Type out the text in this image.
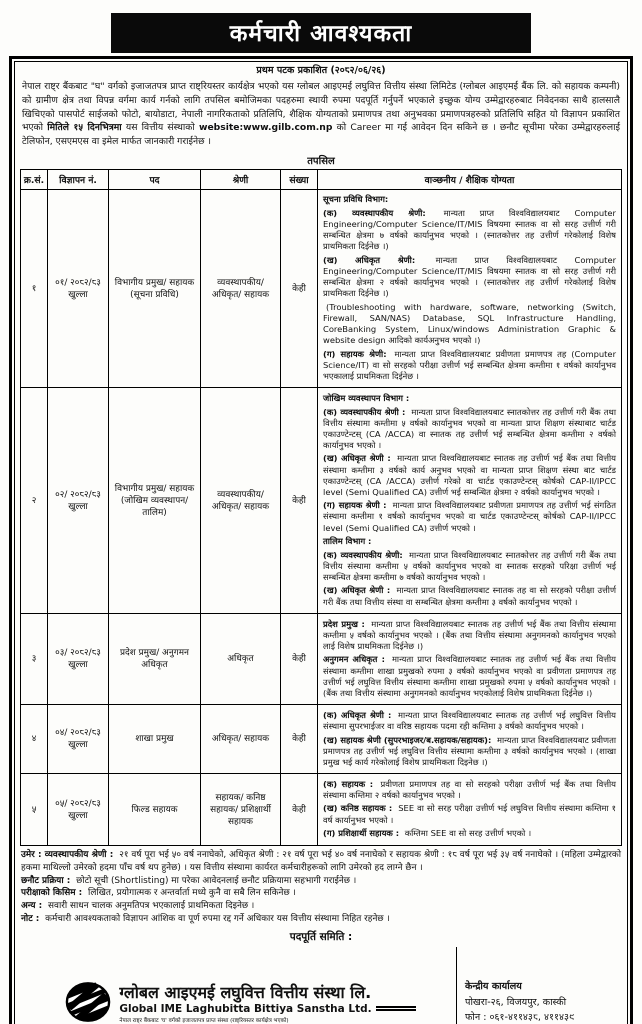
कर्मचारी आवश्यकता
प्रथम पटक प्रकाशित (२०८२/०६/२६)

नेपाल राष्ट्र बैंकबाट "घ" वर्गको इजाजतपत्र प्राप्त राष्ट्रियस्तर कार्यक्षेत्र भएको यस ग्लोबल आइएमई लघुवित्त वित्तीय संस्था लिमिटेड (ग्लोबल आइएमई बैंक लि. को सहायक कम्पनी) को ग्रामीण क्षेत्र तथा विपन्न वर्गमा कार्य गर्नको लागि तपसिल बमोजिमका पदहरुमा स्थायी रुपमा पदपूर्ति गर्नुपर्ने भएकाले इच्छुक योग्य उम्मेद्वारहरुबाट निवेदनका साथै हालसालै खिचिएको पासपोर्ट साईजको फोटो, बायोडाटा, नेपाली नागरिकताको प्रतिलिपि, शैक्षिक योग्यताको प्रमाणपत्र तथा अनुभवका प्रमाणपत्रहरुको प्रतिलिपि सहित यो विज्ञापन प्रकाशित भएको मितिले १५ दिनभित्रमा यस वित्तीय संस्थाको website:www.gilb.com.np को Career मा गई आवेदन दिन सकिने छ । छनौट सूचीमा परेका उम्मेद्वारहरुलाई टेलिफोन, एसएमएस वा इमेल मार्फत जानकारी गराईनेछ ।

तपसिल
क्र.सं.	विज्ञापन नं.	पद	श्रेणी	संख्या	वाञ्छनीय / शैक्षिक योग्यता
१	०१/ २०८२/८३ खुल्ला	विभागीय प्रमुख/ सहायक (सूचना प्रविधि)	व्यवस्थापकीय/ अधिकृत/ सहायक	केही	सूचना प्रविधि विभाग:

(क) व्यवस्थापकीय श्रेणी: मान्यता प्राप्त विश्वविद्यालयबाट Computer Engineering/Computer Science/IT/MIS विषयमा स्नातक वा सो सरह उत्तीर्ण गरी सम्बन्धित क्षेत्रमा ७ वर्षको कार्यानुभव भएको । (स्नातकोत्तर तह उत्तीर्ण गरेकोलाई विशेष प्राथमिकता दिईनेछ ।)

(ख) अधिकृत श्रेणी: मान्यता प्राप्त विश्वविद्यालयबाट Computer Engineering/Computer Science/IT/MIS विषयमा स्नातक वा सो सरह उत्तीर्ण गरी सम्बन्धित क्षेत्रमा २ वर्षको कार्यानुभव भएको । (स्नातकोत्तर तह उत्तीर्ण गरेकोलाई विशेष प्राथमिकता दिईनेछ ।)

(Troubleshooting with hardware, software, networking (Switch, Firewall, SAN/NAS) Database, SQL Infrastructure Handling, CoreBanking System, Linux/windows Administration Graphic & website design आदिको कार्यअनुभव भएको ।)

(ग) सहायक श्रेणी: मान्यता प्राप्त विश्वविद्यालयबाट प्रवीणता प्रमाणपत्र तह (Computer Science/IT) वा सो सरहको परीक्षा उत्तीर्ण भई सम्बन्धित क्षेत्रमा कम्तीमा १ वर्षको कार्यानुभव भएकालाई प्राथमिकता दिईनेछ ।

२	०२/ २०८२/८३ खुल्ला	विभागीय प्रमुख/ सहायक (जोखिम व्यवस्थापन/ तालिम)	व्यवस्थापकीय/ अधिकृत/ सहायक	केही	

जोखिम व्यवस्थापन विभाग :

(क) व्यवस्थापकीय श्रेणी : मान्यता प्राप्त विश्वविद्यालयबाट स्नातकोत्तर तह उत्तीर्ण गरी बैंक तथा वित्तीय संस्थामा कम्तीमा ५ वर्षको कार्यानुभव भएको वा मान्यता प्राप्त शिक्षण संस्थाबाट चार्टड एकाउण्टेन्टस् (CA /ACCA) वा स्नातक तह उत्तीर्ण भई सम्बन्धित क्षेत्रमा कम्तीमा २ वर्षको कार्यानुभव भएको ।

(ख) अधिकृत श्रेणी : मान्यता प्राप्त विश्वविद्यालयबाट स्नातक तह उत्तीर्ण भई बैंक तथा वित्तीय संस्थामा कम्तीमा ३ वर्षको कार्य अनुभव भएको वा मान्यता प्राप्त शिक्षण संस्था बाट चार्टड एकाउण्टेन्टस् (CA /ACCA) उत्तीर्ण गरेको वा चार्टड एकाउण्टेन्टस् कोर्षको CAP-II/IPCC level (Semi Qualified CA) उत्तीर्ण भई सम्बन्धित क्षेत्रमा २ वर्षको कार्यानुभव भएको ।

(ग) सहायक श्रेणी : मान्यता प्राप्त विश्वविद्यालयबाट प्रवीणता प्रमाणपत्र तह उत्तीर्ण भई संगठित संस्थामा कम्तीमा १ वर्षको कार्यानुभव भएको वा चार्टड एकाउण्टेन्टस् कोर्षको CAP-II/IPCC level (Semi Qualified CA) उत्तीर्ण भएको ।

तालिम विभाग :

(क) व्यवस्थापकीय श्रेणी: मान्यता प्राप्त विश्वविद्यालयबाट स्नातकोत्तर तह उत्तीर्ण गरी बैंक तथा वित्तीय संस्थामा कम्तीमा ५ वर्षको कार्यानुभव भएको वा स्नातक सरहको परिक्षा उत्तीर्ण भई सम्बन्धित क्षेत्रमा कम्तीमा ७ वर्षको कार्यानुभव भएको ।

(ख) अधिकृत श्रेणी : मान्यता प्राप्त विश्वविद्यालयबाट स्नातक तह वा सो सरहको परीक्षा उत्तीर्ण गरी बैंक तथा वित्तीय संस्था वा सम्बन्धित क्षेत्रमा कम्तीमा ३ वर्षको कार्यानुभव भएको ।

३	०३/ २०८२/८३ खुल्ला	प्रदेश प्रमुख/ अनुगमन अधिकृत	अधिकृत	केही	प्रदेश प्रमुख : मान्यता प्राप्त विश्वविद्यालयबाट स्नातक तह उत्तीर्ण भई बैंक तथा वित्तीय संस्थामा कम्तीमा ५ वर्षको कार्यानुभव भएको । (बैंक तथा वित्तीय संस्थामा अनुगमनको कार्यानुभव भएको लाई विशेष प्राथमिकता दिईनेछ ।)

अनुगमन अधिकृत : मान्यता प्राप्त विश्वविद्यालयबाट स्नातक तह उत्तीर्ण भई बैंक तथा वित्तीय संस्थामा कम्तीमा शाखा प्रमुखको रुपमा ३ वर्षको कार्यानुभव भएको वा प्रवीणता प्रमाणपत्र तह उत्तीर्ण भई लघुवित्त वित्तीय संस्थामा कम्तीमा शाखा प्रमुखको रुपमा ५ वर्षको कार्यानुभव भएको । (बैंक तथा वित्तीय संस्थामा अनुगमनको कार्यानुभव भएकोलाई विशेष प्राथमिकता दिईनेछ ।)

४	०४/ २०८२/८३ खुल्ला	शाखा प्रमुख	अधिकृत/ सहायक	केही	(क) अधिकृत श्रेणी : मान्यता प्राप्त विश्वविद्यालयबाट स्नातक तह उत्तीर्ण भई लघुवित्त वित्तीय संस्थामा सुपरभाईजर वा वरिष्ठ सहायक पदमा रही कम्तिमा ३ वर्षको कार्यानुभव भएको ।

(ख) सहायक श्रेणी (सुपरभाइजर/ब.सहायक/सहायक): मान्यता प्राप्त विश्वविद्यालयबाट प्रवीणता प्रमाणपत्र तह उत्तीर्ण भई लघुवित्त वित्तीय संस्थामा कम्तीमा ३ वर्षको कार्यानुभव भएको । (शाखा प्रमुख भई कार्य गरेकोलाई विशेष प्राथमिकता दिइनेछ ।)

५	०५/ २०८२/८३ खुल्ला	फिल्ड सहायक	सहायक/ कनिष्ठ सहायक/ प्रशिक्षार्थी सहायक	केही	(क) सहायक : प्रवीणता प्रमाणपत्र तह वा सो सरहको परीक्षा उत्तीर्ण भई बैंक तथा वित्तीय संस्थामा कम्तिमा २ वर्षको कार्यानुभव भएको ।

(ख) कनिष्ठ सहायक : SEE वा सो सरह परीक्षा उत्तीर्ण भई लघुवित्त वित्तीय संस्थामा कम्तिमा १ वर्ष कार्यानुभव भएको ।

(ग) प्रशिक्षार्थी सहायक : कम्तिमा SEE वा सो सरह उत्तीर्ण भएको ।

उमेर : व्यवस्थापकीय श्रेणी : २१ वर्ष पूरा भई ५० वर्ष ननाघेको, अधिकृत श्रेणी : २१ वर्ष पूरा भई ४० वर्ष ननाघेको र सहायक श्रेणी : १८ वर्ष पूरा भई ३५ वर्ष ननाघेको । (महिला उम्मेद्वारको हकमा माथिल्लो उमेरको हदमा पाँच वर्ष थप हुनेछ) । यस वित्तीय संस्थामा कार्यरत कर्मचारीहरूको लागि उमेरको हद लाग्ने छैन ।

छनौट प्रक्रिया : छोटो सूची (Shortlisting) मा परेका आवेदनलाई छनौट प्रक्रियामा सहभागी गराईनेछ ।

परीक्षाको किसिम : लिखित, प्रयोगात्मक र अन्तर्वार्ता मध्ये कुनै वा सबै लिन सकिनेछ ।

अन्य : सवारी साधन चालक अनुमतिपत्र भएकालाई प्राथमिकता दिइनेछ ।

नोट : कर्मचारी आवश्यकताको विज्ञापन आंशिक वा पूर्ण रुपमा रद्द गर्ने अधिकार यस वित्तीय संस्थामा निहित रहनेछ ।

पदपूर्ति समिति :
ग्लोबल आइएमई लघुवित्त वित्तीय संस्था लि.
Global IME Laghubitta Bittiya Sanstha Ltd.
नेपाल राष्ट्र बैंकबाट 'घ' वर्गको इजाजतपत्र प्राप्त संस्था (राष्ट्रियस्तर कार्यक्षेत्र भएको)
केन्द्रीय कार्यालय
पोखरा-२६, विजयपुर, कास्की
फोन : ०६१-४११४३८, ४११४३९
